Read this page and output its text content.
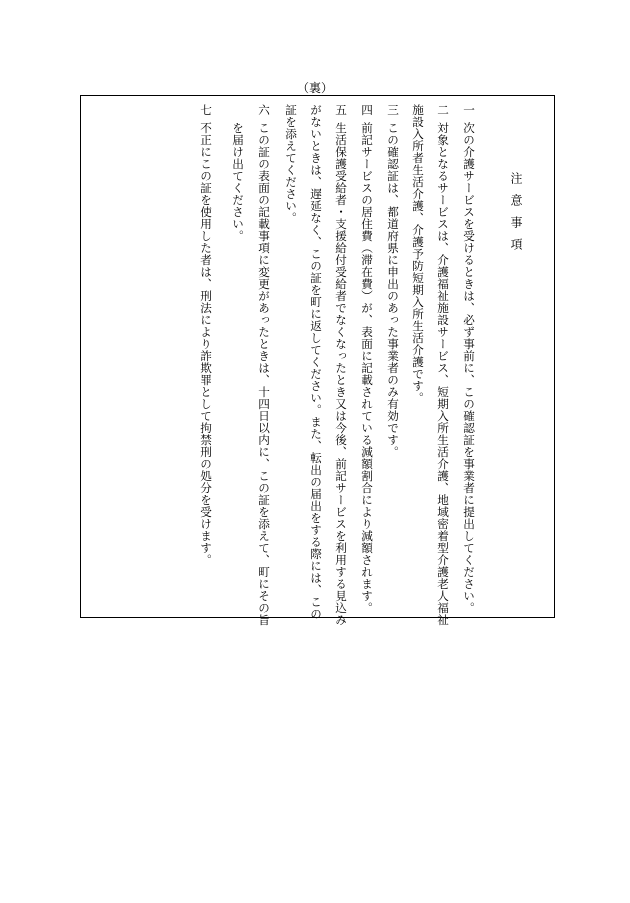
（裏）
注意事項
一
次の介護サービスを受けるときは、必ず事前に、この確認証を事業者に提出してください。
二
対象となるサービスは、介護福祉施設サービス、短期入所生活介護、地域密着型介護老人福祉
施設入所者生活介護、介護予防短期入所生活介護です。
三
この確認証は、都道府県に申出のあった事業者のみ有効です。
四
前記サービスの居住費（滞在費）が、表面に記載されている減額割合により減額されます。
五
生活保護受給者・支援給付受給者でなくなったとき又は今後、前記サービスを利用する見込み
がないときは、遅延なく、この証を町に返してください。また、転出の届出をする際には、この
証を添えてください。
六
この証の表面の記載事項に変更があったときは、十四日以内に、この証を添えて、町にその旨
を届け出てください。
七
不正にこの証を使用した者は、刑法により詐欺罪として拘禁刑の処分を受けます。
